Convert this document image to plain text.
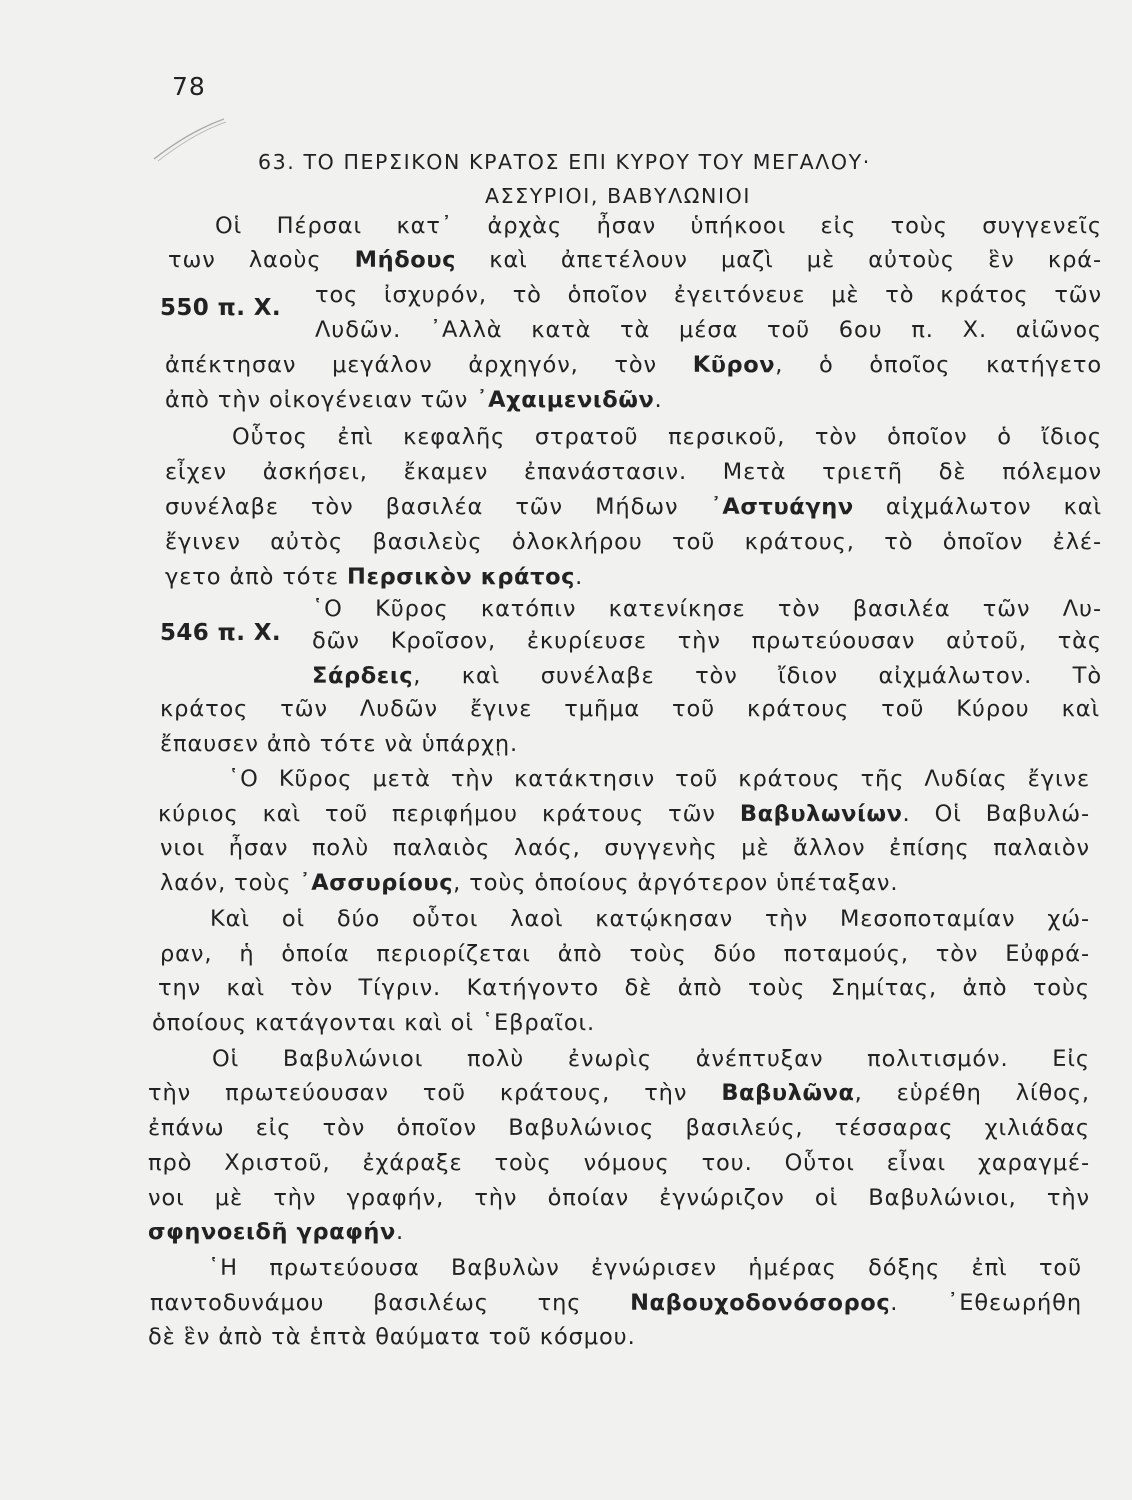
78
63. ΤΟ ΠΕΡΣΙΚΟΝ ΚΡΑΤΟΣ ΕΠΙ ΚΥΡΟΥ ΤΟΥ ΜΕΓΑΛΟΥ·
ΑΣΣΥΡΙΟΙ, ΒΑΒΥΛΩΝΙΟΙ
550 π. Χ.
546 π. Χ.
Οἱ Πέρσαι κατ᾽ ἀρχὰς ἦσαν ὑπήκοοι εἰς τοὺς συγγενεῖς
των λαοὺς Μήδους καὶ ἀπετέλουν μαζὶ μὲ αὐτοὺς ἓν κρά-
τος ἰσχυρόν, τὸ ὁποῖον ἐγειτόνευε μὲ τὸ κράτος τῶν
Λυδῶν. ᾽Αλλὰ κατὰ τὰ μέσα τοῦ 6ου π. Χ. αἰῶνος
ἀπέκτησαν μεγάλον ἀρχηγόν, τὸν Κῦρον, ὁ ὁποῖος κατήγετο
ἀπὸ τὴν οἰκογένειαν τῶν ᾽Αχαιμενιδῶν.
Οὗτος ἐπὶ κεφαλῆς στρατοῦ περσικοῦ, τὸν ὁποῖον ὁ ἴδιος
εἶχεν ἀσκήσει, ἔκαμεν ἐπανάστασιν. Μετὰ τριετῆ δὲ πόλεμον
συνέλαβε τὸν βασιλέα τῶν Μήδων ᾽Αστυάγην αἰχμάλωτον καὶ
ἔγινεν αὐτὸς βασιλεὺς ὁλοκλήρου τοῦ κράτους, τὸ ὁποῖον ἐλέ-
γετο ἀπὸ τότε Περσικὸν κράτος.
῾Ο Κῦρος κατόπιν κατενίκησε τὸν βασιλέα τῶν Λυ-
δῶν Κροῖσον, ἐκυρίευσε τὴν πρωτεύουσαν αὐτοῦ, τὰς
Σάρδεις, καὶ συνέλαβε τὸν ἴδιον αἰχμάλωτον. Τὸ
κράτος τῶν Λυδῶν ἔγινε τμῆμα τοῦ κράτους τοῦ Κύρου καὶ
ἔπαυσεν ἀπὸ τότε νὰ ὑπάρχῃ.
῾Ο Κῦρος μετὰ τὴν κατάκτησιν τοῦ κράτους τῆς Λυδίας ἔγινε
κύριος καὶ τοῦ περιφήμου κράτους τῶν Βαβυλωνίων. Οἱ Βαβυλώ-
νιοι ἦσαν πολὺ παλαιὸς λαός, συγγενὴς μὲ ἄλλον ἐπίσης παλαιὸν
λαόν, τοὺς ᾽Ασσυρίους, τοὺς ὁποίους ἀργότερον ὑπέταξαν.
Καὶ οἱ δύο οὗτοι λαοὶ κατῴκησαν τὴν Μεσοποταμίαν χώ-
ραν, ἡ ὁποία περιορίζεται ἀπὸ τοὺς δύο ποταμούς, τὸν Εὐφρά-
την καὶ τὸν Τίγριν. Κατήγοντο δὲ ἀπὸ τοὺς Σημίτας, ἀπὸ τοὺς
ὁποίους κατάγονται καὶ οἱ ῾Εβραῖοι.
Οἱ Βαβυλώνιοι πολὺ ἐνωρὶς ἀνέπτυξαν πολιτισμόν. Εἰς
τὴν πρωτεύουσαν τοῦ κράτους, τὴν Βαβυλῶνα, εὑρέθη λίθος,
ἐπάνω εἰς τὸν ὁποῖον Βαβυλώνιος βασιλεύς, τέσσαρας χιλιάδας
πρὸ Χριστοῦ, ἐχάραξε τοὺς νόμους του. Οὗτοι εἶναι χαραγμέ-
νοι μὲ τὴν γραφήν, τὴν ὁποίαν ἐγνώριζον οἱ Βαβυλώνιοι, τὴν
σφηνοειδῆ γραφήν.
῾Η πρωτεύουσα Βαβυλὼν ἐγνώρισεν ἡμέρας δόξης ἐπὶ τοῦ
παντοδυνάμου βασιλέως της Ναβουχοδονόσορος. ᾽Εθεωρήθη
δὲ ἓν ἀπὸ τὰ ἑπτὰ θαύματα τοῦ κόσμου.
